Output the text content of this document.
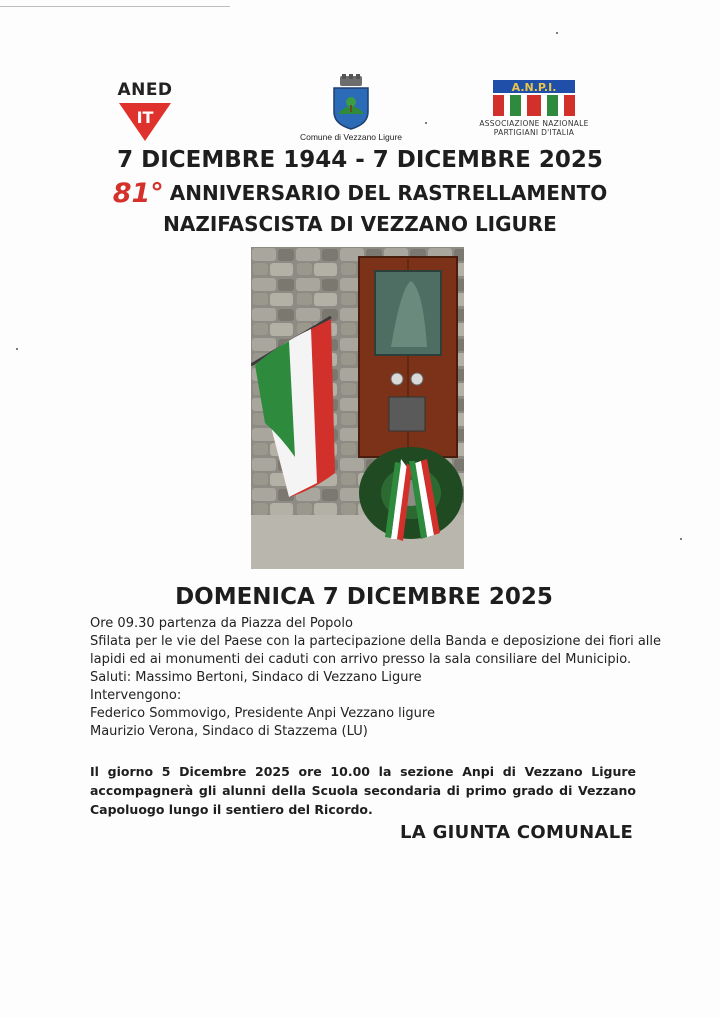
ANED
IT
Comune di Vezzano Ligure
A.N.P.I.
ASSOCIAZIONE NAZIONALE
PARTIGIANI D'ITALIA
7 DICEMBRE 1944 - 7 DICEMBRE 2025
81° ANNIVERSARIO DEL RASTRELLAMENTO
NAZIFASCISTA DI VEZZANO LIGURE
DOMENICA 7 DICEMBRE 2025
Ore 09.30 partenza da Piazza del Popolo
Sfilata per le vie del Paese con la partecipazione della Banda e deposizione dei fiori alle
lapidi ed ai monumenti dei caduti con arrivo presso la sala consiliare del Municipio.
Saluti: Massimo Bertoni, Sindaco di Vezzano Ligure
Intervengono:
Federico Sommovigo, Presidente Anpi Vezzano ligure
Maurizio Verona, Sindaco di Stazzema (LU)
Il giorno 5 Dicembre 2025 ore 10.00 la sezione Anpi di Vezzano Ligure accompagnerà gli alunni della Scuola secondaria di primo grado di Vezzano Capoluogo lungo il sentiero del Ricordo.
LA GIUNTA COMUNALE
